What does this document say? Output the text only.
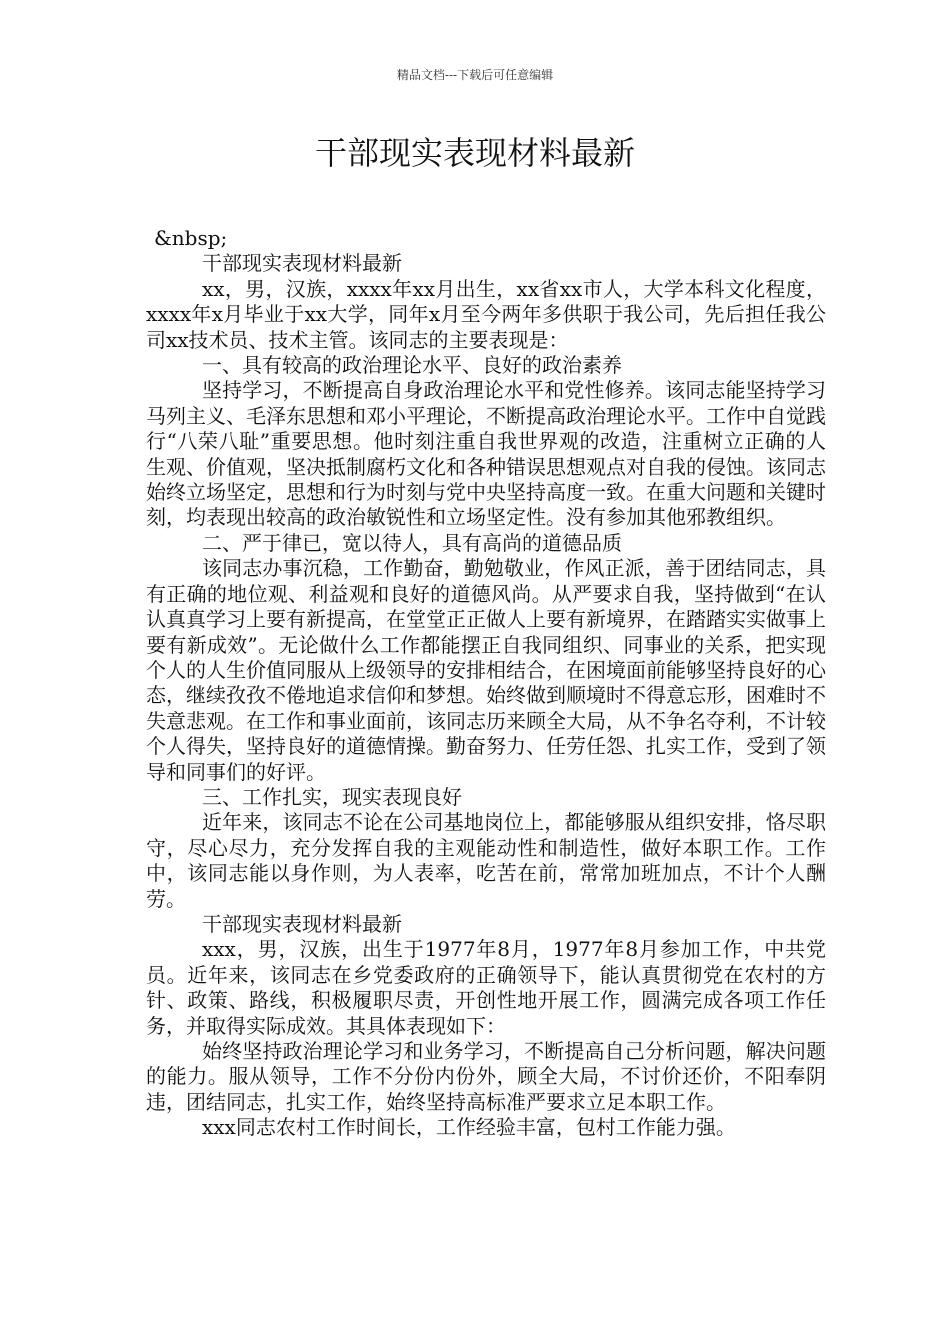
精品文档---下载后可任意编辑
干部现实表现材料最新

&nbsp;

干部现实表现材料最新

xx，男，汉族，xxxx年xx月出生，xx省xx市人，大学本科文化程度，xxxx年x月毕业于xx大学，同年x月至今两年多供职于我公司，先后担任我公司xx技术员、技术主管。该同志的主要表现是：

一、具有较高的政治理论水平、良好的政治素养

坚持学习，不断提高自身政治理论水平和党性修养。该同志能坚持学习马列主义、毛泽东思想和邓小平理论，不断提高政治理论水平。工作中自觉践行“八荣八耻”重要思想。他时刻注重自我世界观的改造，注重树立正确的人生观、价值观，坚决抵制腐朽文化和各种错误思想观点对自我的侵蚀。该同志始终立场坚定，思想和行为时刻与党中央坚持高度一致。在重大问题和关键时刻，均表现出较高的政治敏锐性和立场坚定性。没有参加其他邪教组织。

二、严于律已，宽以待人，具有高尚的道德品质

该同志办事沉稳，工作勤奋，勤勉敬业，作风正派，善于团结同志，具有正确的地位观、利益观和良好的道德风尚。从严要求自我，坚持做到“在认认真真学习上要有新提高，在堂堂正正做人上要有新境界，在踏踏实实做事上要有新成效”。无论做什么工作都能摆正自我同组织、同事业的关系，把实现个人的人生价值同服从上级领导的安排相结合，在困境面前能够坚持良好的心态，继续孜孜不倦地追求信仰和梦想。始终做到顺境时不得意忘形，困难时不失意悲观。在工作和事业面前，该同志历来顾全大局，从不争名夺利，不计较个人得失，坚持良好的道德情操。勤奋努力、任劳任怨、扎实工作，受到了领导和同事们的好评。

三、工作扎实，现实表现良好

近年来，该同志不论在公司基地岗位上，都能够服从组织安排，恪尽职守，尽心尽力，充分发挥自我的主观能动性和制造性，做好本职工作。工作中，该同志能以身作则，为人表率，吃苦在前，常常加班加点，不计个人酬劳。

干部现实表现材料最新

xxx，男，汉族，出生于1977年8月，1977年8月参加工作，中共党员。近年来，该同志在乡党委政府的正确领导下，能认真贯彻党在农村的方针、政策、路线，积极履职尽责，开创性地开展工作，圆满完成各项工作任务，并取得实际成效。其具体表现如下：

始终坚持政治理论学习和业务学习，不断提高自己分析问题，解决问题的能力。服从领导，工作不分份内份外，顾全大局，不讨价还价，不阳奉阴违，团结同志，扎实工作，始终坚持高标准严要求立足本职工作。

xxx同志农村工作时间长，工作经验丰富，包村工作能力强。
